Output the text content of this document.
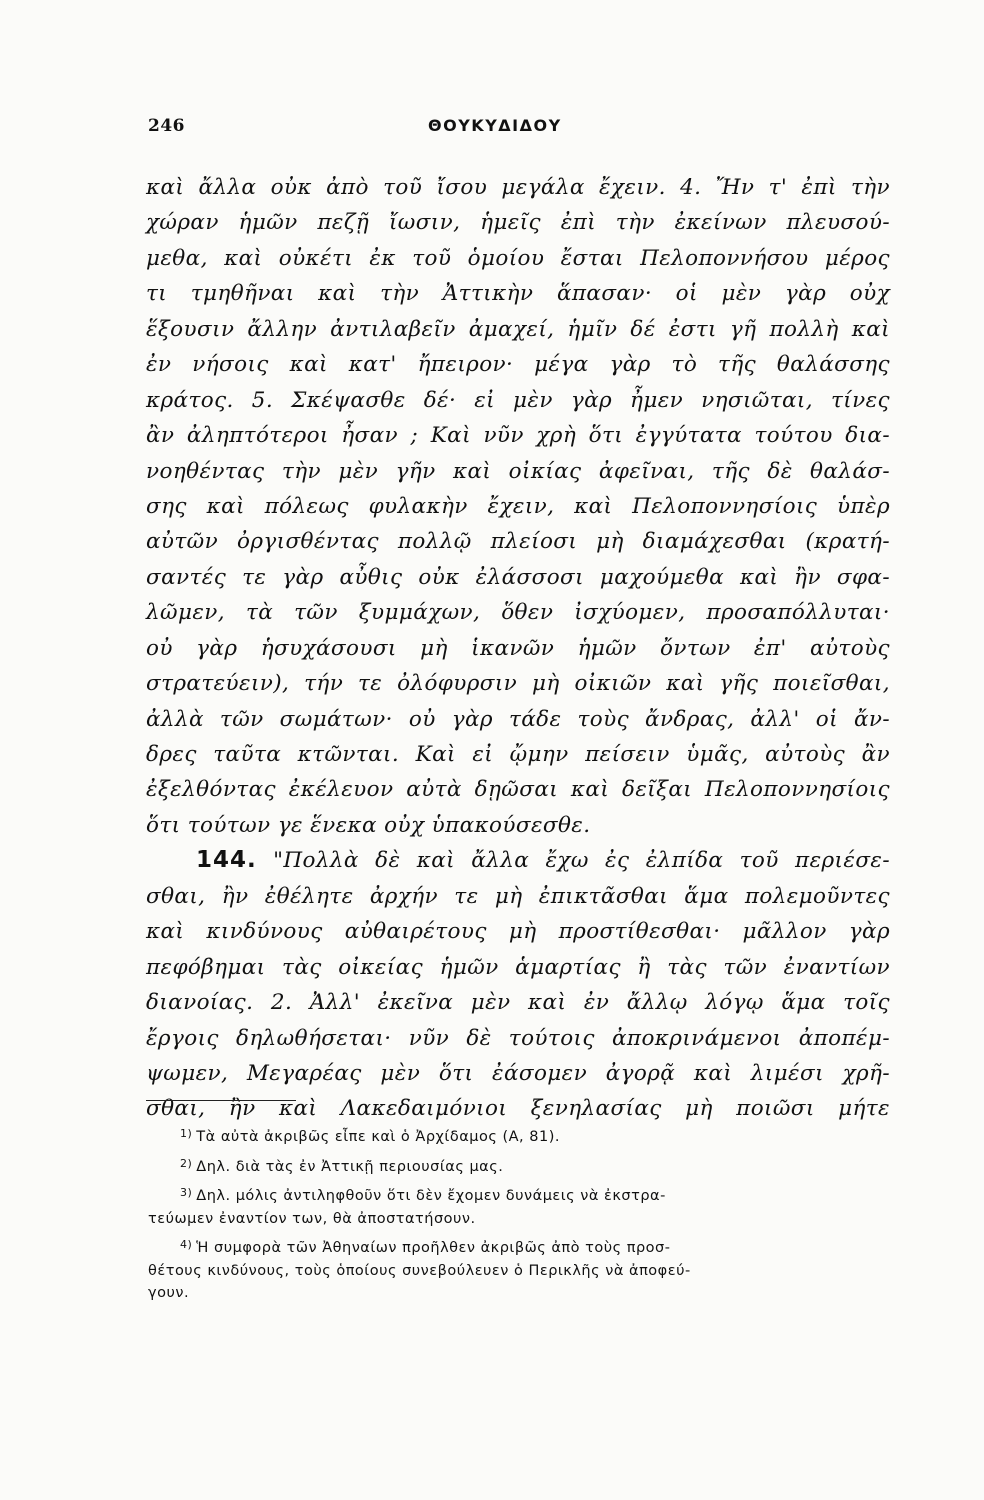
246	ΘΟΥΚΥΔΙΔΟΥ
καὶ ἄλλα οὐκ ἀπὸ τοῦ ἴσου μεγάλα ἔχειν. 4. Ἤν τ' ἐπὶ τὴν
χώραν ἡμῶν πεζῇ ἴωσιν, ἡμεῖς ἐπὶ τὴν ἐκείνων πλευσού-
μεθα, καὶ οὐκέτι ἐκ τοῦ ὁμοίου ἔσται Πελοποννήσου μέρος
τι τμηθῆναι καὶ τὴν Ἀττικὴν ἅπασαν· οἱ μὲν γὰρ οὐχ
ἕξουσιν ἄλλην ἀντιλαβεῖν ἀμαχεί, ἡμῖν δέ ἐστι γῆ πολλὴ καὶ
ἐν νήσοις καὶ κατ' ἤπειρον· μέγα γὰρ τὸ τῆς θαλάσσης
κράτος. 5. Σκέψασθε δέ· εἰ μὲν γὰρ ἦμεν νησιῶται, τίνες
ἂν ἀληπτότεροι ἦσαν ; Καὶ νῦν χρὴ ὅτι ἐγγύτατα τούτου δια-
νοηθέντας τὴν μὲν γῆν καὶ οἰκίας ἀφεῖναι, τῆς δὲ θαλάσ-
σης καὶ πόλεως φυλακὴν ἔχειν, καὶ Πελοποννησίοις ὑπὲρ
αὐτῶν ὀργισθέντας πολλῷ πλείοσι μὴ διαμάχεσθαι (κρατή-
σαντές τε γὰρ αὖθις οὐκ ἐλάσσοσι μαχούμεθα καὶ ἢν σφα-
λῶμεν, τὰ τῶν ξυμμάχων, ὅθεν ἰσχύομεν, προσαπόλλυται·
οὐ γὰρ ἡσυχάσουσι μὴ ἱκανῶν ἡμῶν ὄντων ἐπ' αὐτοὺς
στρατεύειν), τήν τε ὀλόφυρσιν μὴ οἰκιῶν καὶ γῆς ποιεῖσθαι,
ἀλλὰ τῶν σωμάτων· οὐ γὰρ τάδε τοὺς ἄνδρας, ἀλλ' οἱ ἄν-
δρες ταῦτα κτῶνται. Καὶ εἰ ᾤμην πείσειν ὑμᾶς, αὐτοὺς ἂν
ἐξελθόντας ἐκέλευον αὐτὰ δῃῶσαι καὶ δεῖξαι Πελοποννησίοις
ὅτι τούτων γε ἕνεκα οὐχ ὑπακούσεσθε.
144. "Πολλὰ δὲ καὶ ἄλλα ἔχω ἐς ἐλπίδα τοῦ περιέσε-
σθαι, ἢν ἐθέλητε ἀρχήν τε μὴ ἐπικτᾶσθαι ἅμα πολεμοῦντες
καὶ κινδύνους αὐθαιρέτους μὴ προστίθεσθαι· μᾶλλον γὰρ
πεφόβημαι τὰς οἰκείας ἡμῶν ἁμαρτίας ἢ τὰς τῶν ἐναντίων
διανοίας. 2. Ἀλλ' ἐκεῖνα μὲν καὶ ἐν ἄλλῳ λόγῳ ἅμα τοῖς
ἔργοις δηλωθήσεται· νῦν δὲ τούτοις ἀποκρινάμενοι ἀποπέμ-
ψωμεν, Μεγαρέας μὲν ὅτι ἐάσομεν ἀγορᾷ καὶ λιμέσι χρῆ-
σθαι, ἢν καὶ Λακεδαιμόνιοι ξενηλασίας μὴ ποιῶσι μήτε
$^{1)}$ Τὰ αὐτὰ ἀκριβῶς εἶπε καὶ ὁ Ἀρχίδαμος (Α, 81).
$^{2)}$ Δηλ. διὰ τὰς ἐν Ἀττικῇ περιουσίας μας.
$^{3)}$ Δηλ. μόλις ἀντιληφθοῦν ὅτι δὲν ἔχομεν δυνάμεις νὰ ἐκστρα-
τεύωμεν ἐναντίον των, θὰ ἀποστατήσουν.
$^{4)}$ Ἡ συμφορὰ τῶν Ἀθηναίων προῆλθεν ἀκριβῶς ἀπὸ τοὺς προσ-
θέτους κινδύνους, τοὺς ὁποίους συνεβούλευεν ὁ Περικλῆς νὰ ἀποφεύ-
γουν.
